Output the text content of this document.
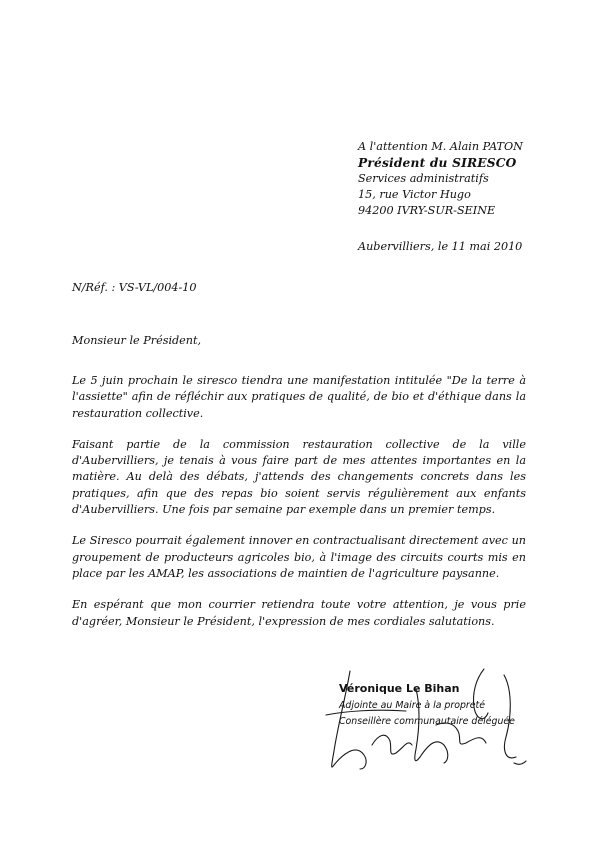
A l'attention M. Alain PATON
Président du SIRESCO
Services administratifs
15, rue Victor Hugo
94200 IVRY-SUR-SEINE
Aubervilliers, le 11 mai 2010
N/Réf. : VS-VL/004-10
Monsieur le Président,

Le 5 juin prochain le siresco tiendra une manifestation intitulée "De la terre à l'assiette" afin de réfléchir aux pratiques de qualité, de bio et d'éthique dans la restauration collective.

Faisant partie de la commission restauration collective de la ville d'Aubervilliers, je tenais à vous faire part de mes attentes importantes en la matière. Au delà des débats, j'attends des changements concrets dans les pratiques, afin que des repas bio soient servis régulièrement aux enfants d'Aubervilliers. Une fois par semaine par exemple dans un premier temps.

Le Siresco pourrait également innover en contractualisant directement avec un groupement de producteurs agricoles bio, à l'image des circuits courts mis en place par les AMAP, les associations de maintien de l'agriculture paysanne.

En espérant que mon courrier retiendra toute votre attention, je vous prie d'agréer, Monsieur le Président, l'expression de mes cordiales salutations.

Véronique Le Bihan
Adjointe au Maire à la propreté
Conseillère communautaire déléguée
